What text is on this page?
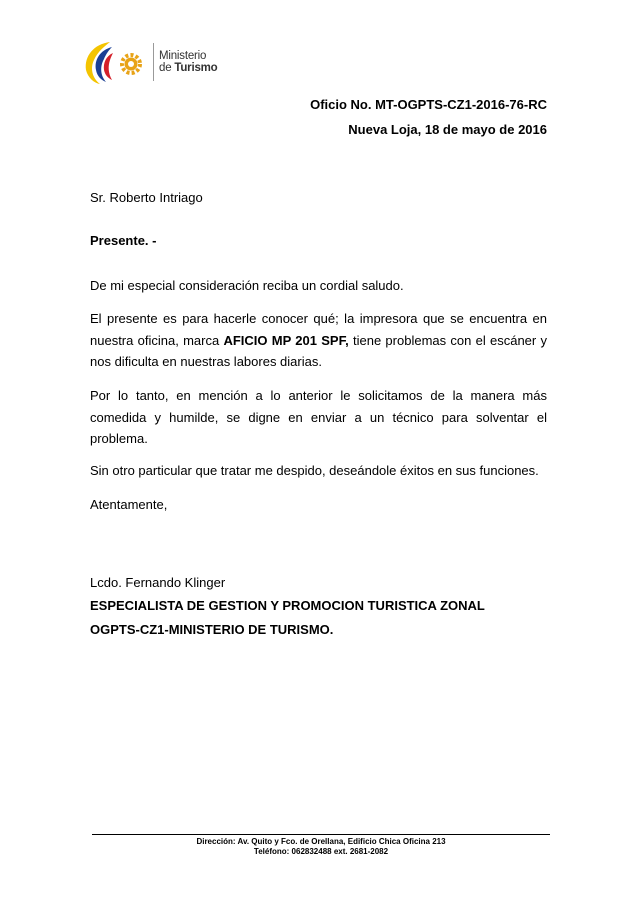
Ministerio
de Turismo
Oficio No. MT-OGPTS-CZ1-2016-76-RC
Nueva Loja, 18 de mayo de 2016
Sr. Roberto Intriago
Presente. -
De mi especial consideración reciba un cordial saludo.
El presente es para hacerle conocer qué; la impresora que se encuentra en nuestra oficina, marca AFICIO MP 201 SPF, tiene problemas con el escáner y nos dificulta en nuestras labores diarias.
Por lo tanto, en mención a lo anterior le solicitamos de la manera más comedida y humilde, se digne en enviar a un técnico para solventar el problema.
Sin otro particular que tratar me despido, deseándole éxitos en sus funciones.
Atentamente,
Lcdo. Fernando Klinger
ESPECIALISTA DE GESTION Y PROMOCION TURISTICA ZONAL
OGPTS-CZ1-MINISTERIO DE TURISMO.
Dirección: Av. Quito y Fco. de Orellana, Edificio Chica Oficina 213
Teléfono: 062832488 ext. 2681-2082
